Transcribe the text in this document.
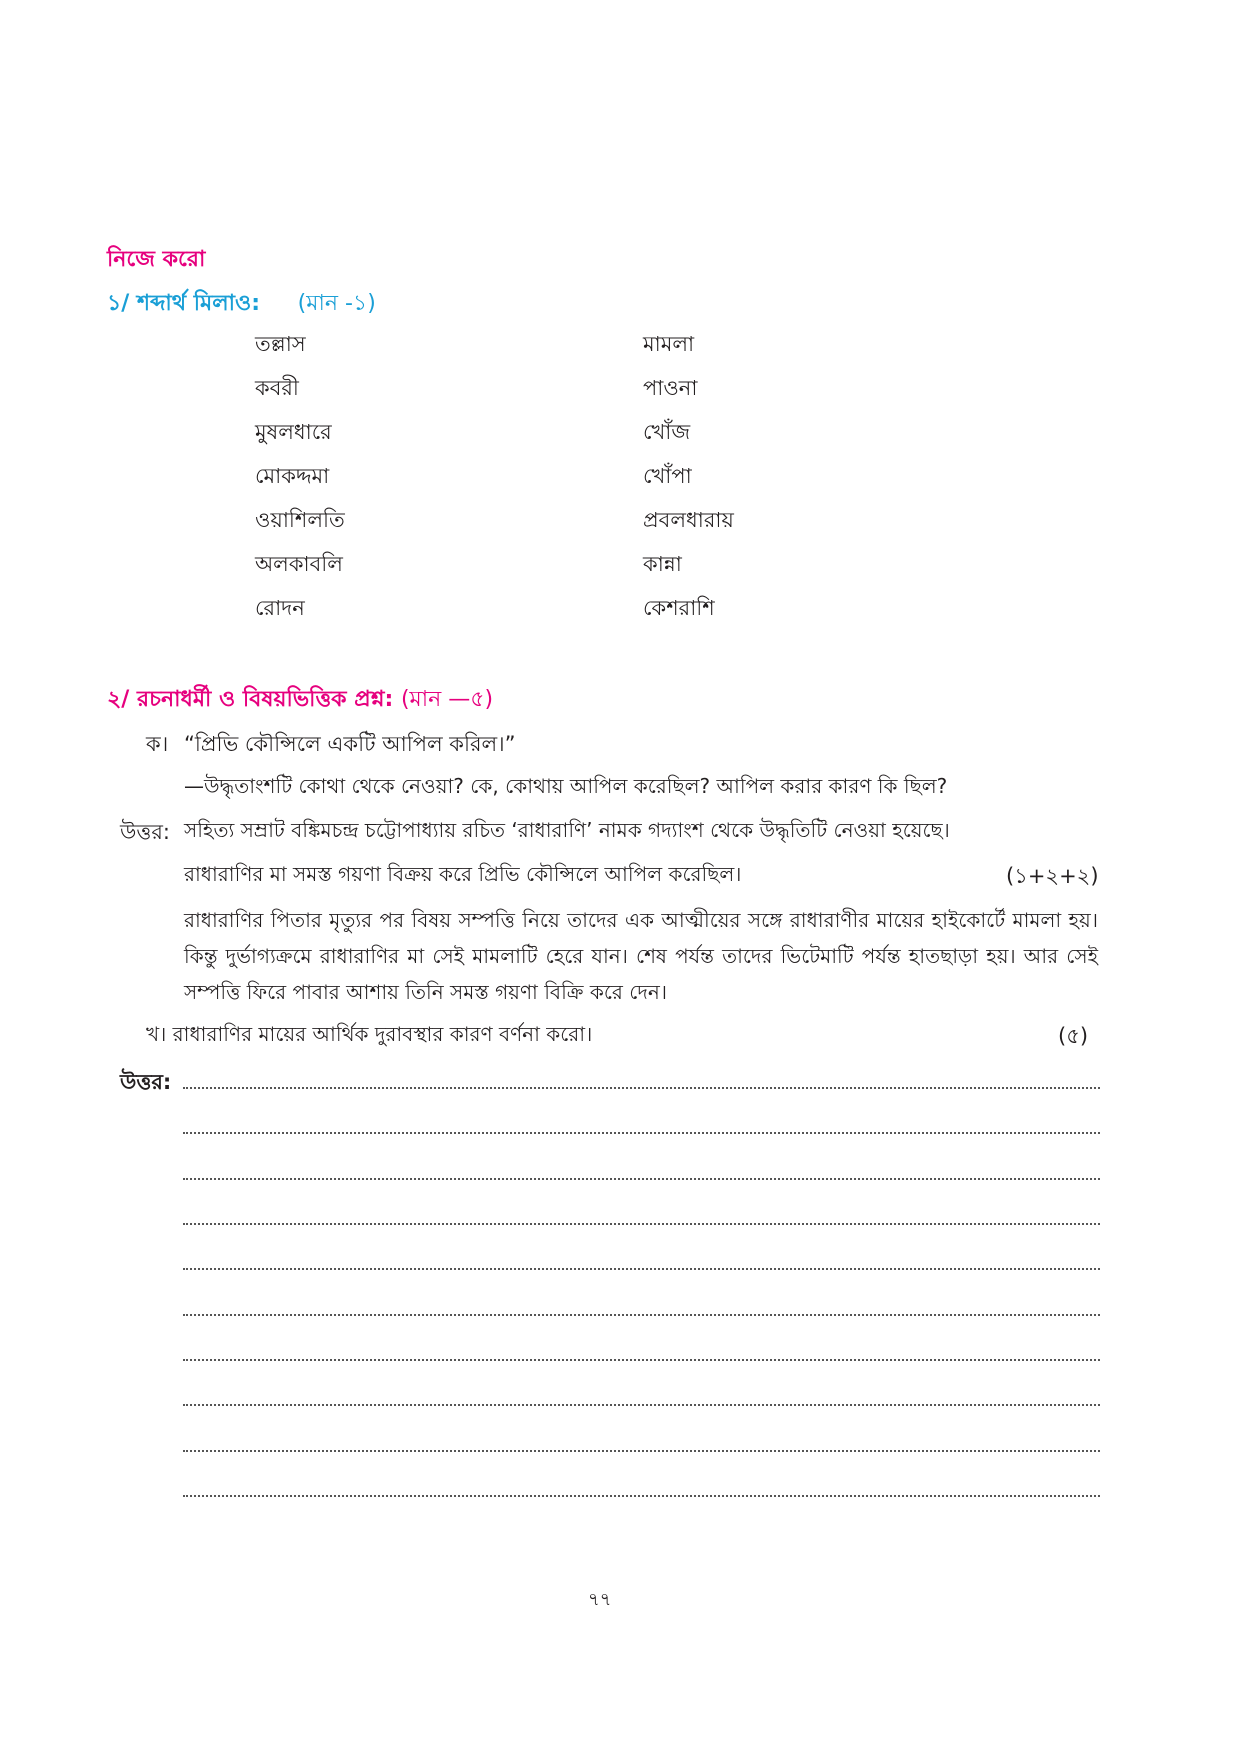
নিজে করো
১/ শব্দার্থ মিলাও: (মান -১)
তল্লাস
কবরী
মুষলধারে
মোকদ্দমা
ওয়াশিলতি
অলকাবলি
রোদন
মামলা
পাওনা
খোঁজ
খোঁপা
প্রবলধারায়
কান্না
কেশরাশি
২/ রচনাধর্মী ও বিষয়ভিত্তিক প্রশ্ন: (মান —৫)
ক। “প্রিভি কৌন্সিলে একটি আপিল করিল।”
—উদ্ধৃতাংশটি কোথা থেকে নেওয়া? কে, কোথায় আপিল করেছিল? আপিল করার কারণ কি ছিল?
উত্তর: সহিত্য সম্রাট বঙ্কিমচন্দ্র চট্টোপাধ্যায় রচিত ‘রাধারাণি’ নামক গদ্যাংশ থেকে উদ্ধৃতিটি নেওয়া হয়েছে।
রাধারাণির মা সমস্ত গয়ণা বিক্রয় করে প্রিভি কৌন্সিলে আপিল করেছিল।	(১+২+২)
রাধারাণির পিতার মৃত্যুর পর বিষয় সম্পত্তি নিয়ে তাদের এক আত্মীয়ের সঙ্গে রাধারাণীর মায়ের হাইকোর্টে মামলা হয়। কিন্তু দুর্ভাগ্যক্রমে রাধারাণির মা সেই মামলাটি হেরে যান। শেষ পর্যন্ত তাদের ভিটেমাটি পর্যন্ত হাতছাড়া হয়। আর সেই সম্পত্তি ফিরে পাবার আশায় তিনি সমস্ত গয়ণা বিক্রি করে দেন।
খ। রাধারাণির মায়ের আর্থিক দুরাবস্থার কারণ বর্ণনা করো।	(৫)
উত্তর:
৭৭
